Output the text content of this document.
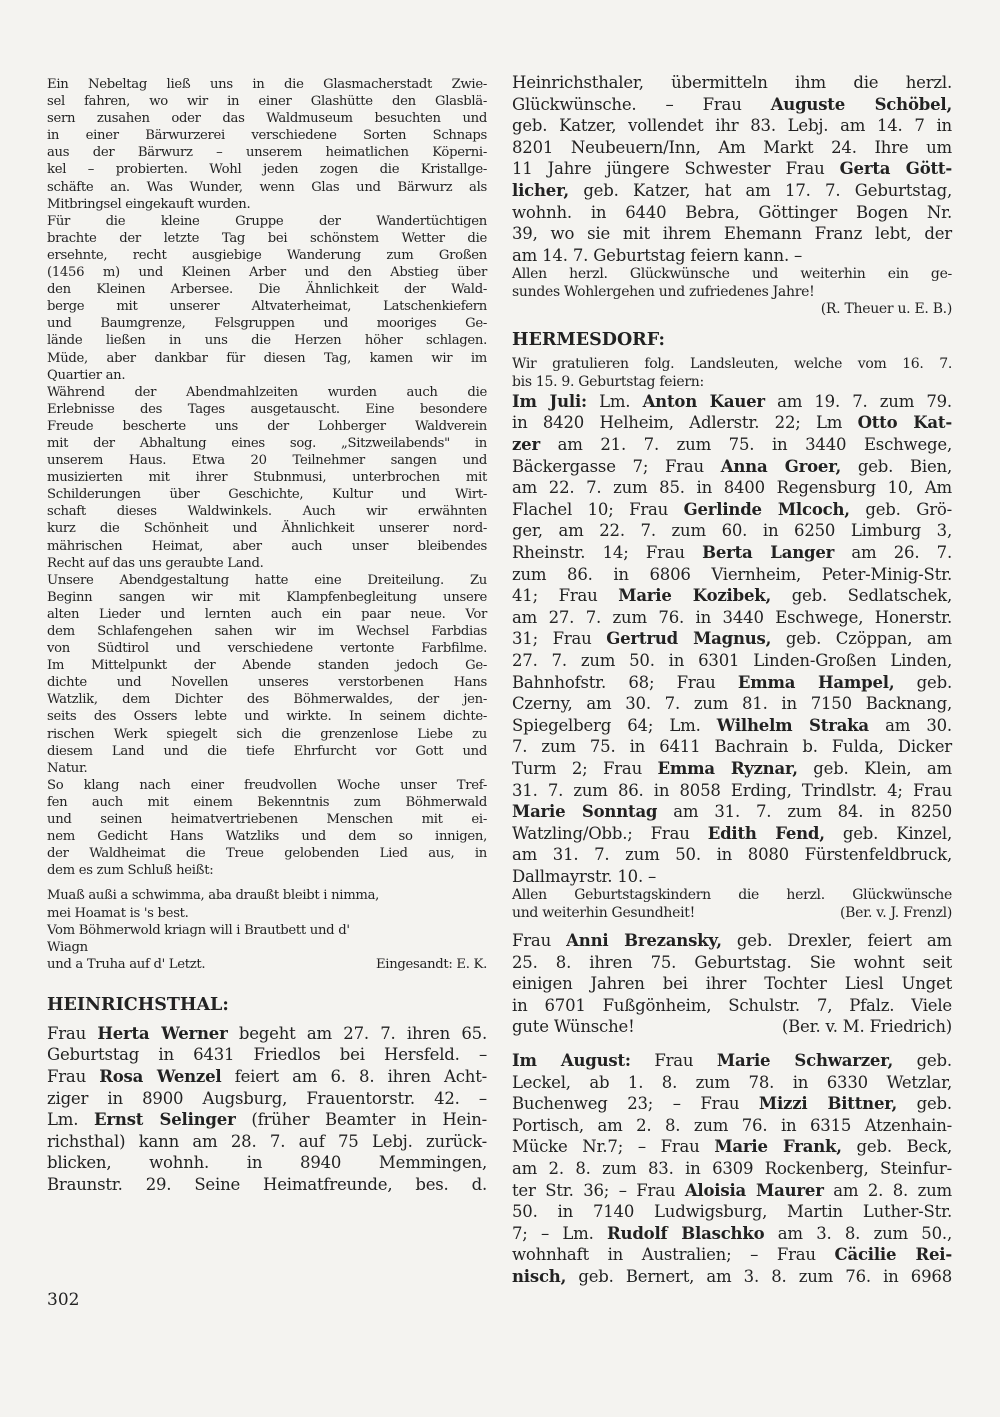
Ein Nebeltag ließ uns in die Glasmacherstadt Zwie-
sel fahren, wo wir in einer Glashütte den Glasblä-
sern zusahen oder das Waldmuseum besuchten und
in einer Bärwurzerei verschiedene Sorten Schnaps
aus der Bärwurz – unserem heimatlichen Köperni-
kel – probierten. Wohl jeden zogen die Kristallge-
schäfte an. Was Wunder, wenn Glas und Bärwurz als
Mitbringsel eingekauft wurden.
Für die kleine Gruppe der Wandertüchtigen
brachte der letzte Tag bei schönstem Wetter die
ersehnte, recht ausgiebige Wanderung zum Großen
(1456 m) und Kleinen Arber und den Abstieg über
den Kleinen Arbersee. Die Ähnlichkeit der Wald-
berge mit unserer Altvaterheimat, Latschenkiefern
und Baumgrenze, Felsgruppen und mooriges Ge-
lände ließen in uns die Herzen höher schlagen.
Müde, aber dankbar für diesen Tag, kamen wir im
Quartier an.
Während der Abendmahlzeiten wurden auch die
Erlebnisse des Tages ausgetauscht. Eine besondere
Freude bescherte uns der Lohberger Waldverein
mit der Abhaltung eines sog. „Sitzweilabends" in
unserem Haus. Etwa 20 Teilnehmer sangen und
musizierten mit ihrer Stubnmusi, unterbrochen mit
Schilderungen über Geschichte, Kultur und Wirt-
schaft dieses Waldwinkels. Auch wir erwähnten
kurz die Schönheit und Ähnlichkeit unserer nord-
mährischen Heimat, aber auch unser bleibendes
Recht auf das uns geraubte Land.
Unsere Abendgestaltung hatte eine Dreiteilung. Zu
Beginn sangen wir mit Klampfenbegleitung unsere
alten Lieder und lernten auch ein paar neue. Vor
dem Schlafengehen sahen wir im Wechsel Farbdias
von Südtirol und verschiedene vertonte Farbfilme.
Im Mittelpunkt der Abende standen jedoch Ge-
dichte und Novellen unseres verstorbenen Hans
Watzlik, dem Dichter des Böhmerwaldes, der jen-
seits des Ossers lebte und wirkte. In seinem dichte-
rischen Werk spiegelt sich die grenzenlose Liebe zu
diesem Land und die tiefe Ehrfurcht vor Gott und
Natur.
So klang nach einer freudvollen Woche unser Tref-
fen auch mit einem Bekenntnis zum Böhmerwald
und seinen heimatvertriebenen Menschen mit ei-
nem Gedicht Hans Watzliks und dem so innigen,
der Waldheimat die Treue gelobenden Lied aus, in
dem es zum Schluß heißt:
Muaß außi a schwimma, aba draußt bleibt i nimma,
mei Hoamat is 's best.
Vom Böhmerwold kriagn will i Brautbett und d'
Wiagn
und a Truha auf d' Letzt.	Eingesandt: E. K.
HEINRICHSTHAL:
Frau Herta Werner begeht am 27. 7. ihren 65.
Geburtstag in 6431 Friedlos bei Hersfeld. –
Frau Rosa Wenzel feiert am 6. 8. ihren Acht-
ziger in 8900 Augsburg, Frauentorstr. 42. –
Lm. Ernst Selinger (früher Beamter in Hein-
richsthal) kann am 28. 7. auf 75 Lebj. zurück-
blicken, wohnh. in 8940 Memmingen,
Braunstr. 29. Seine Heimatfreunde, bes. d.
Heinrichsthaler, übermitteln ihm die herzl.
Glückwünsche. – Frau Auguste Schöbel,
geb. Katzer, vollendet ihr 83. Lebj. am 14. 7 in
8201 Neubeuern/Inn, Am Markt 24. Ihre um
11 Jahre jüngere Schwester Frau Gerta Gött-
licher, geb. Katzer, hat am 17. 7. Geburtstag,
wohnh. in 6440 Bebra, Göttinger Bogen Nr.
39, wo sie mit ihrem Ehemann Franz lebt, der
am 14. 7. Geburtstag feiern kann. –
Allen herzl. Glückwünsche und weiterhin ein ge-
sundes Wohlergehen und zufriedenes Jahre!
(R. Theuer u. E. B.)
HERMESDORF:
Wir gratulieren folg. Landsleuten, welche vom 16. 7.
bis 15. 9. Geburtstag feiern:
Im Juli: Lm. Anton Kauer am 19. 7. zum 79.
in 8420 Helheim, Adlerstr. 22; Lm Otto Kat-
zer am 21. 7. zum 75. in 3440 Eschwege,
Bäckergasse 7; Frau Anna Groer, geb. Bien,
am 22. 7. zum 85. in 8400 Regensburg 10, Am
Flachel 10; Frau Gerlinde Mlcoch, geb. Grö-
ger, am 22. 7. zum 60. in 6250 Limburg 3,
Rheinstr. 14; Frau Berta Langer am 26. 7.
zum 86. in 6806 Viernheim, Peter-Minig-Str.
41; Frau Marie Kozibek, geb. Sedlatschek,
am 27. 7. zum 76. in 3440 Eschwege, Honerstr.
31; Frau Gertrud Magnus, geb. Czöppan, am
27. 7. zum 50. in 6301 Linden-Großen Linden,
Bahnhofstr. 68; Frau Emma Hampel, geb.
Czerny, am 30. 7. zum 81. in 7150 Backnang,
Spiegelberg 64; Lm. Wilhelm Straka am 30.
7. zum 75. in 6411 Bachrain b. Fulda, Dicker
Turm 2; Frau Emma Ryznar, geb. Klein, am
31. 7. zum 86. in 8058 Erding, Trindlstr. 4; Frau
Marie Sonntag am 31. 7. zum 84. in 8250
Watzling/Obb.; Frau Edith Fend, geb. Kinzel,
am 31. 7. zum 50. in 8080 Fürstenfeldbruck,
Dallmayrstr. 10. –
Allen Geburtstagskindern die herzl. Glückwünsche
und weiterhin Gesundheit!	(Ber. v. J. Frenzl)
Frau Anni Brezansky, geb. Drexler, feiert am
25. 8. ihren 75. Geburtstag. Sie wohnt seit
einigen Jahren bei ihrer Tochter Liesl Unget
in 6701 Fußgönheim, Schulstr. 7, Pfalz. Viele
gute Wünsche!	(Ber. v. M. Friedrich)
Im August: Frau Marie Schwarzer, geb.
Leckel, ab 1. 8. zum 78. in 6330 Wetzlar,
Buchenweg 23; – Frau Mizzi Bittner, geb.
Portisch, am 2. 8. zum 76. in 6315 Atzenhain-
Mücke Nr.7; – Frau Marie Frank, geb. Beck,
am 2. 8. zum 83. in 6309 Rockenberg, Steinfur-
ter Str. 36; – Frau Aloisia Maurer am 2. 8. zum
50. in 7140 Ludwigsburg, Martin Luther-Str.
7; – Lm. Rudolf Blaschko am 3. 8. zum 50.,
wohnhaft in Australien; – Frau Cäcilie Rei-
nisch, geb. Bernert, am 3. 8. zum 76. in 6968
302
